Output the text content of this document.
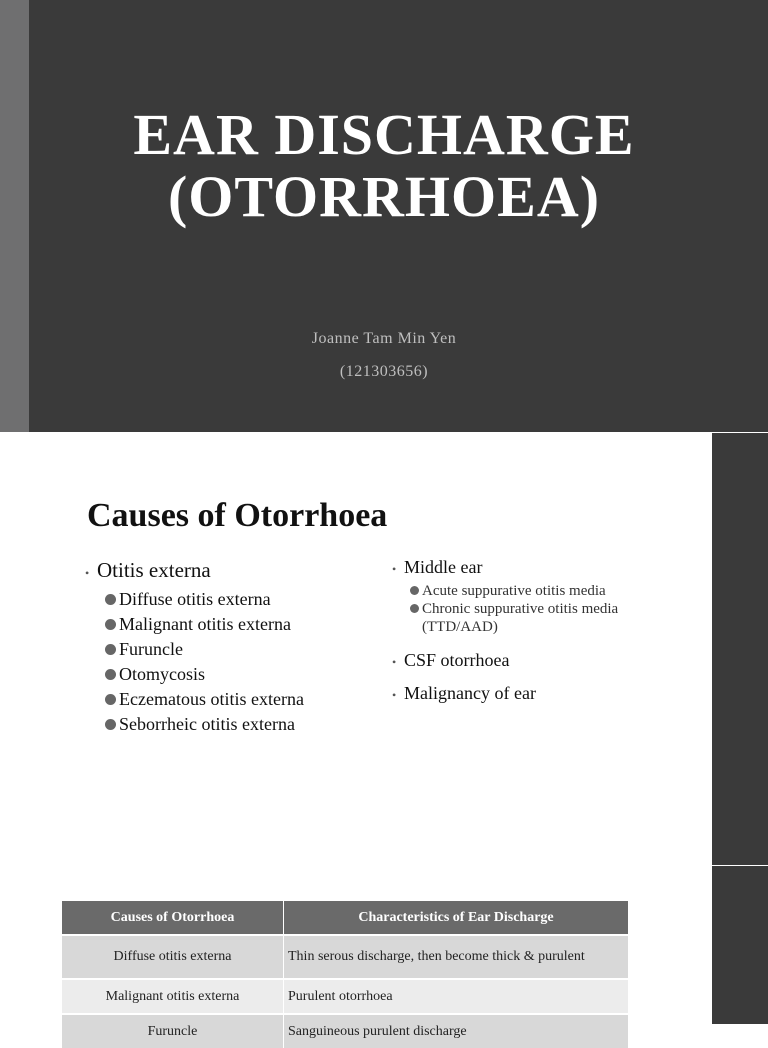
EAR DISCHARGE
(OTORRHOEA)
Joanne Tam Min Yen
(121303656)
Causes of Otorrhoea
• Otitis externa
Diffuse otitis externa
Malignant otitis externa
Furuncle
Otomycosis
Eczematous otitis externa
Seborrheic otitis externa
• Middle ear
Acute suppurative otitis media
Chronic suppurative otitis media (TTD/AAD)
• CSF otorrhoea
• Malignancy of ear
Causes of Otorrhoea	Characteristics of Ear Discharge
Diffuse otitis externa	Thin serous discharge, then become thick & purulent
Malignant otitis externa	Purulent otorrhoea
Furuncle	Sanguineous purulent discharge
